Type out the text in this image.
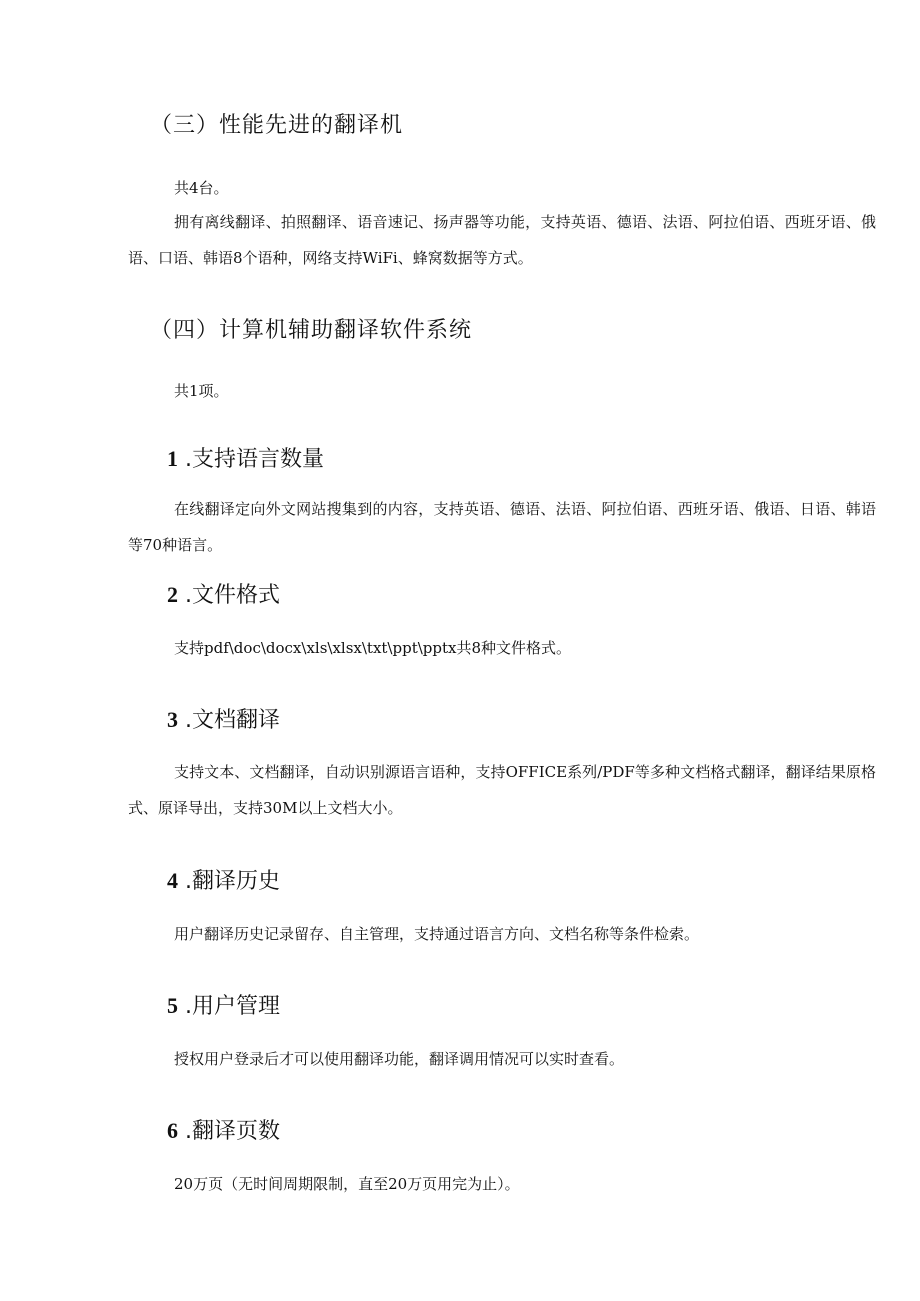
（三）性能先进的翻译机

共4台。

拥有离线翻译、拍照翻译、语音速记、扬声器等功能，支持英语、德语、法语、阿拉伯语、西班牙语、俄语、口语、韩语8个语种，网络支持WiFi、蜂窝数据等方式。

（四）计算机辅助翻译软件系统

共1项。

1 .支持语言数量

在线翻译定向外文网站搜集到的内容，支持英语、德语、法语、阿拉伯语、西班牙语、俄语、日语、韩语等70种语言。

2 .文件格式

支持pdf\doc\docx\xls\xlsx\txt\ppt\pptx共8种文件格式。

3 .文档翻译

支持文本、文档翻译，自动识别源语言语种，支持OFFICE系列/PDF等多种文档格式翻译，翻译结果原格式、原译导出，支持30M以上文档大小。

4 .翻译历史

用户翻译历史记录留存、自主管理，支持通过语言方向、文档名称等条件检索。

5 .用户管理

授权用户登录后才可以使用翻译功能，翻译调用情况可以实时查看。

6 .翻译页数

20万页（无时间周期限制，直至20万页用完为止）。
